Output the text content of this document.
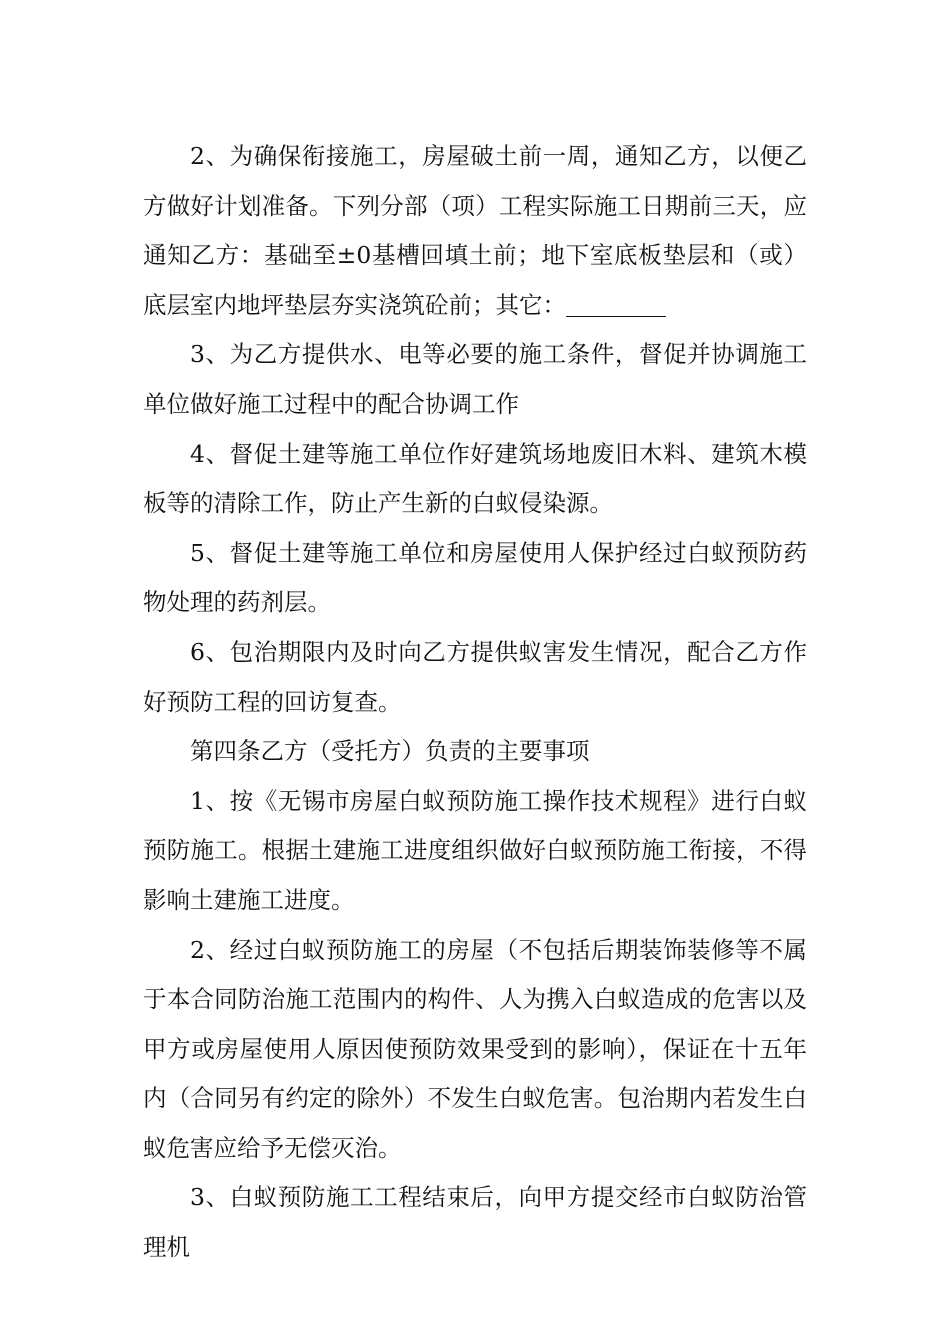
2、为确保衔接施工，房屋破土前一周，通知乙方，以便乙方做好计划准备。下列分部（项）工程实际施工日期前三天，应通知乙方：基础至±0基槽回填土前；地下室底板垫层和（或）底层室内地坪垫层夯实浇筑砼前；其它：

3、为乙方提供水、电等必要的施工条件，督促并协调施工单位做好施工过程中的配合协调工作

4、督促土建等施工单位作好建筑场地废旧木料、建筑木模板等的清除工作，防止产生新的白蚁侵染源。

5、督促土建等施工单位和房屋使用人保护经过白蚁预防药物处理的药剂层。

6、包治期限内及时向乙方提供蚁害发生情况，配合乙方作好预防工程的回访复查。

第四条乙方（受托方）负责的主要事项

1、按《无锡市房屋白蚁预防施工操作技术规程》进行白蚁预防施工。根据土建施工进度组织做好白蚁预防施工衔接，不得影响土建施工进度。

2、经过白蚁预防施工的房屋（不包括后期装饰装修等不属于本合同防治施工范围内的构件、人为携入白蚁造成的危害以及甲方或房屋使用人原因使预防效果受到的影响），保证在十五年内（合同另有约定的除外）不发生白蚁危害。包治期内若发生白蚁危害应给予无偿灭治。

3、白蚁预防施工工程结束后，向甲方提交经市白蚁防治管理机
